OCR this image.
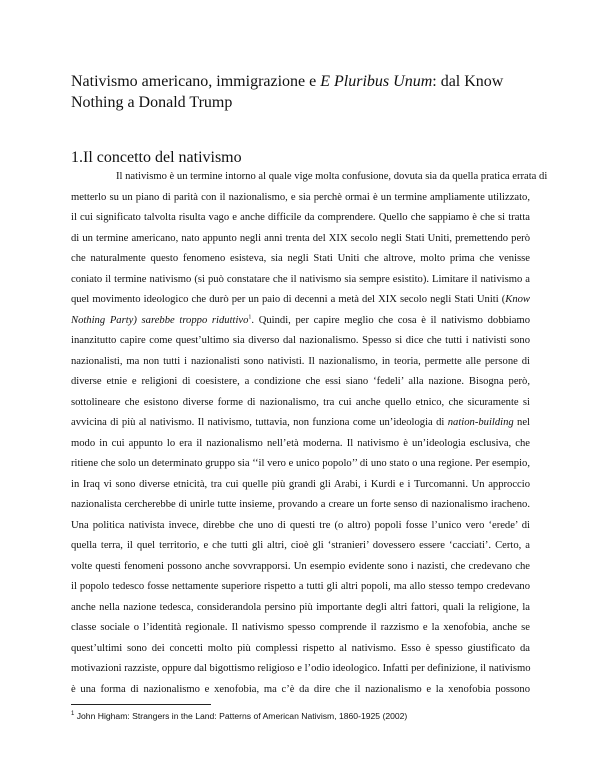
Nativismo americano, immigrazione e E Pluribus Unum: dal Know Nothing a Donald Trump
1.Il concetto del nativismo
Il nativismo è un termine intorno al quale vige molta confusione, dovuta sia da quella pratica errata di
metterlo su un piano di parità con il nazionalismo, e sia perchè ormai è un termine ampliamente utilizzato,
il cui significato talvolta risulta vago e anche difficile da comprendere. Quello che sappiamo è che si tratta
di un termine americano, nato appunto negli anni trenta del XIX secolo negli Stati Uniti, premettendo però
che naturalmente questo fenomeno esisteva, sia negli Stati Uniti che altrove, molto prima che venisse
coniato il termine nativismo (si può constatare che il nativismo sia sempre esistito). Limitare il nativismo a
quel movimento ideologico che durò per un paio di decenni a metà del XIX secolo negli Stati Uniti (Know
Nothing Party) sarebbe troppo riduttivo$^1$. Quindi, per capire meglio che cosa è il nativismo dobbiamo
inanzitutto capire come quest’ultimo sia diverso dal nazionalismo. Spesso si dice che tutti i nativisti sono
nazionalisti, ma non tutti i nazionalisti sono nativisti. Il nazionalismo, in teoria, permette alle persone di
diverse etnie e religioni di coesistere, a condizione che essi siano ‘fedeli’ alla nazione. Bisogna però,
sottolineare che esistono diverse forme di nazionalismo, tra cui anche quello etnico, che sicuramente si
avvicina di più al nativismo. Il nativismo, tuttavia, non funziona come un’ideologia di nation-building nel
modo in cui appunto lo era il nazionalismo nell’età moderna. Il nativismo è un’ideologia esclusiva, che
ritiene che solo un determinato gruppo sia ‘‘il vero e unico popolo’’ di uno stato o una regione. Per esempio,
in Iraq vi sono diverse etnicità, tra cui quelle più grandi gli Arabi, i Kurdi e i Turcomanni. Un approccio
nazionalista cercherebbe di unirle tutte insieme, provando a creare un forte senso di nazionalismo iracheno.
Una politica nativista invece, direbbe che uno di questi tre (o altro) popoli fosse l’unico vero ‘erede’ di
quella terra, il quel territorio, e che tutti gli altri, cioè gli ‘stranieri’ dovessero essere ‘cacciati’. Certo, a
volte questi fenomeni possono anche sovvrapporsi. Un esempio evidente sono i nazisti, che credevano che
il popolo tedesco fosse nettamente superiore rispetto a tutti gli altri popoli, ma allo stesso tempo credevano
anche nella nazione tedesca, considerandola persino più importante degli altri fattori, quali la religione, la
classe sociale o l’identità regionale. Il nativismo spesso comprende il razzismo e la xenofobia, anche se
quest’ultimi sono dei concetti molto più complessi rispetto al nativismo. Esso è spesso giustificato da
motivazioni razziste, oppure dal bigottismo religioso e l’odio ideologico. Infatti per definizione, il nativismo
è una forma di nazionalismo e xenofobia, ma c’è da dire che il nazionalismo e la xenofobia possono

$^1$ John Higham: Strangers in the Land: Patterns of American Nativism, 1860-1925 (2002)
